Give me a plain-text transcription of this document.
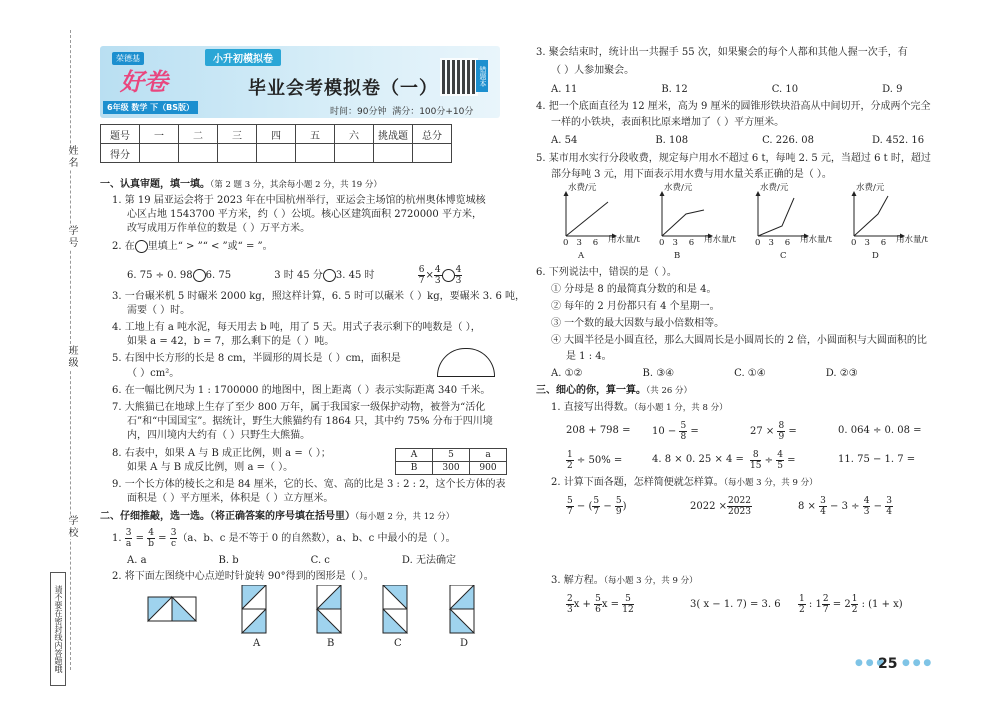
姓名
学号
班级
学校
请不要在密封线内答题哦
荣德基
好卷
6年级 数学 下（BS版）
小升初模拟卷
毕业会考模拟卷（一）
时间：90分钟 满分：100分+10分
错题本
题号	一	二	三	四	五	六	挑战题	总分
得分								
一、认真审题，填一填。（第 2 题 3 分，其余每小题 2 分，共 19 分）
1. 第 19 届亚运会将于 2023 年在中国杭州举行，亚运会主场馆的杭州奥体博览城核
心区占地 1543700 平方米，约（ ）公顷。核心区建筑面积 2720000 平方米，
改写成用万作单位的数是（ ）万平方米。
2. 在 里填上“ > ”“ < ”或“ = ”。
6. 75 ÷ 0. 98 6. 75	3 时 45 分 3. 45 时	$\frac{6}{7} \times \frac{4}{3} \frac{4}{3}$
3. 一台碾米机 5 时碾米 2000 kg，照这样计算，6. 5 时可以碾米（ ）kg，要碾米 3. 6 吨，
需要（ ）时。
4. 工地上有 a 吨水泥，每天用去 b 吨，用了 5 天。用式子表示剩下的吨数是（ ），
如果 a = 42，b = 7，那么剩下的是（ ）吨。
5. 右图中长方形的长是 8 cm，半圆形的周长是（ ）cm，面积是
（ ）cm²。
6. 在一幅比例尺为 1 : 1700000 的地图中，图上距离（ ）表示实际距离 340 千米。
7. 大熊猫已在地球上生存了至少 800 万年，属于我国家一级保护动物，被誉为“活化
石”和“中国国宝”。据统计，野生大熊猫约有 1864 只，其中约 75% 分布于四川境
内，四川境内大约有（ ）只野生大熊猫。
8. 右表中，如果 A 与 B 成正比例，则 a =（ ）；
如果 A 与 B 成反比例，则 a =（ ）。
A	5	a
B	300	900
9. 一个长方体的棱长之和是 84 厘米，它的长、宽、高的比是 3 : 2 : 2，这个长方体的表
面积是（ ）平方厘米，体积是（ ）立方厘米。
二、仔细推敲，选一选。（将正确答案的序号填在括号里）（每小题 2 分，共 12 分）
1. $\frac{3}{a} = \frac{4}{b} = \frac{3}{c} (a$、b、c 是不等于 0 的自然数），a、b、c 中最小的是（ ）。
A. a	B. b	C. c	D. 无法确定
2. 将下面左图绕中心点逆时针旋转 90°得到的图形是（ ）。
A	B	C	D
3. 聚会结束时，统计出一共握手 55 次，如果聚会的每个人都和其他人握一次手，有
（ ）人参加聚会。
A. 11	B. 12	C. 10	D. 9
4. 把一个底面直径为 12 厘米，高为 9 厘米的圆锥形铁块沿高从中间切开，分成两个完全
一样的小铁块，表面积比原来增加了（ ）平方厘米。
A. 54	B. 108	C. 226. 08	D. 452. 16
5. 某市用水实行分段收费，规定每户用水不超过 6 t，每吨 2. 5 元，当超过 6 t 时，超过
部分每吨 3 元，用下面表示用水费与用水量关系正确的是（ ）。
水费/元	水费/元	水费/元	水费/元
用水量/t	用水量/t	用水量/t	用水量/t
0 3 6	0 3 6	0 3 6	0 3 6
A	B	C	D
6. 下列说法中，错误的是（ ）。
① 分母是 8 的最简真分数的和是 4。
② 每年的 2 月份都只有 4 个星期一。
③ 一个数的最大因数与最小倍数相等。
④ 大圆半径是小圆直径，那么大圆周长是小圆周长的 2 倍，小圆面积与大圆面积的比
是 1 : 4。
A. ①②	B. ③④	C. ①④	D. ②③
三、细心的你，算一算。（共 26 分）
1. 直接写出得数。（每小题 1 分，共 8 分）
$208 + 798 = 10 - \frac{5}{8}$ =	$27 \times \frac{8}{9}$ =	0. 064 ÷ 0. 08 =
$\frac{1}{2} \div 50\%$ =	4. 8 × 0. $25 \times 4 = \frac{8}{15} \div \frac{4}{5}$ =	11. 75 − 1. 7 =
2. 计算下面各题，怎样简便就怎样算。（每小题 3 分，共 9 分）
$\frac{5}{7}$ − ( $\frac{5}{7} - \frac{5}{9}$ )	$2022 \times \frac{2022}{2023}$	$8 \times \frac{3}{4} - 3 \div \frac{4}{3} - \frac{3}{4}$
3. 解方程。（每小题 3 分，共 9 分）
$\frac{2}{3}$ $x + \frac{5}{6}$ $x = \frac{5}{12}$	3( x − 1. 7) = 3. $6 \frac{1}{2}$ : $1 \frac{2}{7} = 2 \frac{1}{2}$ : (1 + x)
● ● ●
25 ● ● ●
